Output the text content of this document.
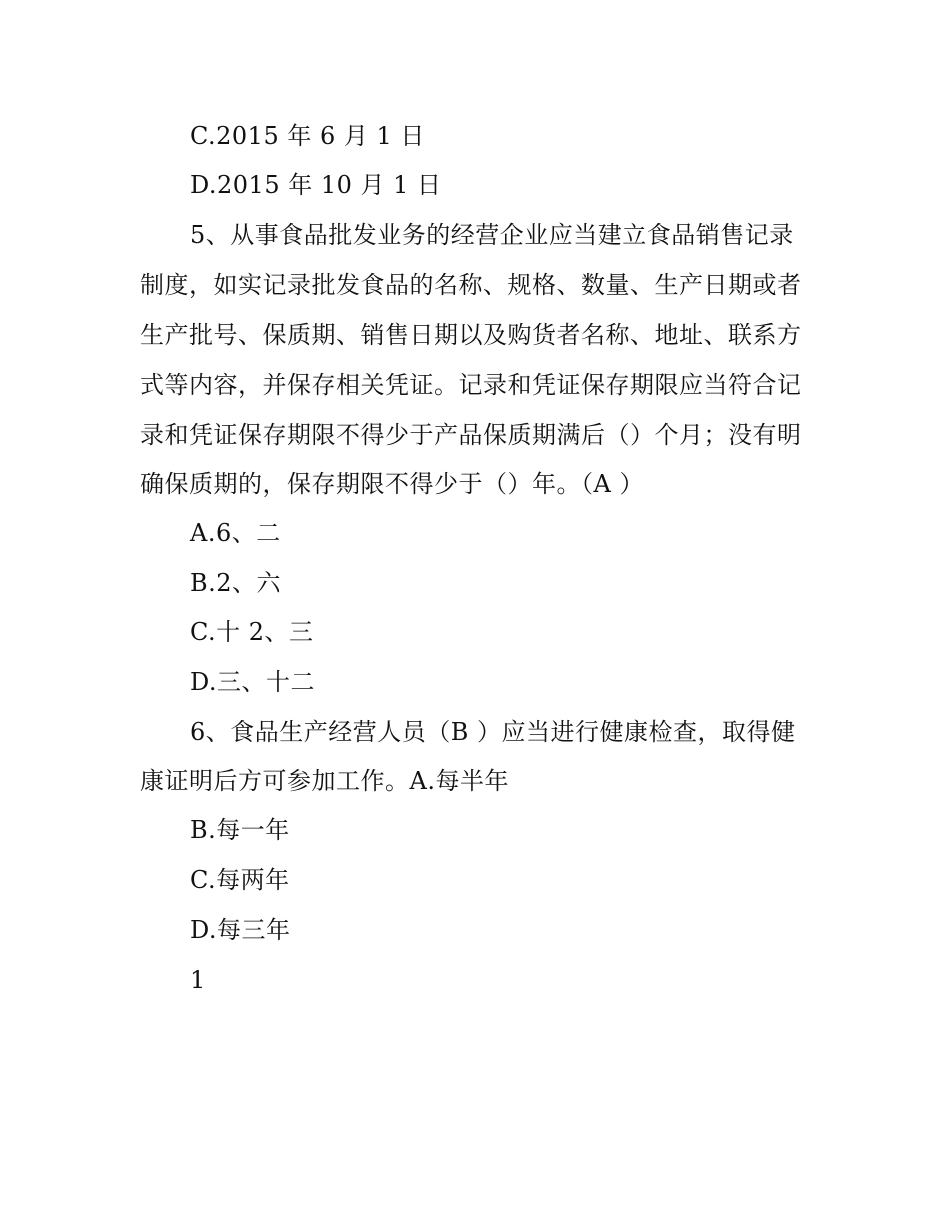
C.2015 年 6 月 1 日
D.2015 年 10 月 1 日
5、从事食品批发业务的经营企业应当建立食品销售记录
制度，如实记录批发食品的名称、规格、数量、生产日期或者
生产批号、保质期、销售日期以及购货者名称、地址、联系方
式等内容，并保存相关凭证。记录和凭证保存期限应当符合记
录和凭证保存期限不得少于产品保质期满后（）个月；没有明
确保质期的，保存期限不得少于（）年。（A ）
A.6、二
B.2、六
C.十 2、三
D.三、十二
6、食品生产经营人员（B ）应当进行健康检查，取得健
康证明后方可参加工作。A.每半年
B.每一年
C.每两年
D.每三年
1
